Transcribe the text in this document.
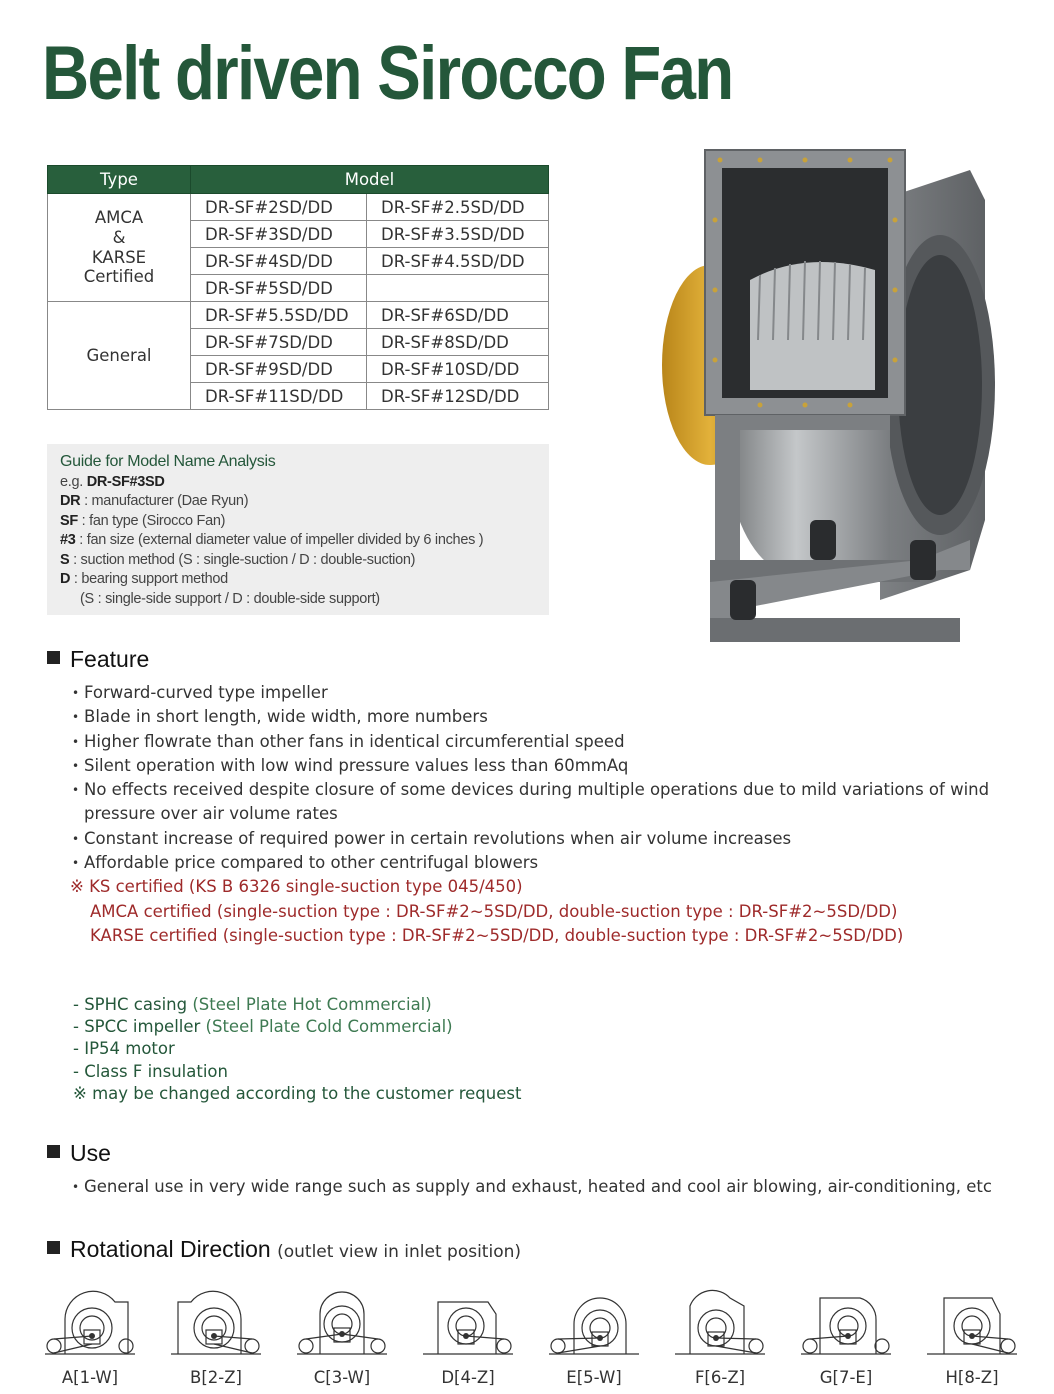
Belt driven Sirocco Fan
Type	Model	

AMCA
&
KARSE
Certified	DR-SF#2SD/DD	DR-SF#2.5SD/DD
	DR-SF#3SD/DD	DR-SF#3.5SD/DD
	DR-SF#4SD/DD	DR-SF#4.5SD/DD
	DR-SF#5SD/DD	
General	DR-SF#5.5SD/DD	DR-SF#6SD/DD
	DR-SF#7SD/DD	DR-SF#8SD/DD
	DR-SF#9SD/DD	DR-SF#10SD/DD
	DR-SF#11SD/DD	DR-SF#12SD/DD
Guide for Model Name Analysis
e.g. DR-SF#3SD
DR : manufacturer (Dae Ryun)
SF : fan type (Sirocco Fan)
#3 : fan size (external diameter value of impeller divided by 6 inches )
S : suction method (S : single-suction / D : double-suction)
D : bearing support method
(S : single-side support / D : double-side support)
Feature
• Forward-curved type impeller
• Blade in short length, wide width, more numbers
• Higher flowrate than other fans in identical circumferential speed
• Silent operation with low wind pressure values less than 60mmAq
• No effects received despite closure of some devices during multiple operations due to mild variations of wind
pressure over air volume rates
• Constant increase of required power in certain revolutions when air volume increases
• Affordable price compared to other centrifugal blowers
※ KS certified (KS B 6326 single-suction type 045/450)
AMCA certified (single-suction type : DR-SF#2~5SD/DD, double-suction type : DR-SF#2~5SD/DD)
KARSE certified (single-suction type : DR-SF#2~5SD/DD, double-suction type : DR-SF#2~5SD/DD)
- SPHC casing (Steel Plate Hot Commercial)
- SPCC impeller (Steel Plate Cold Commercial)
- IP54 motor
- Class F insulation
※ may be changed according to the customer request
Use
• General use in very wide range such as supply and exhaust, heated and cool air blowing, air-conditioning, etc
Rotational Direction (outlet view in inlet position)
A[1-W]	B[2-Z]	C[3-W]	D[4-Z]	E[5-W]	F[6-Z]	G[7-E]	H[8-Z]
